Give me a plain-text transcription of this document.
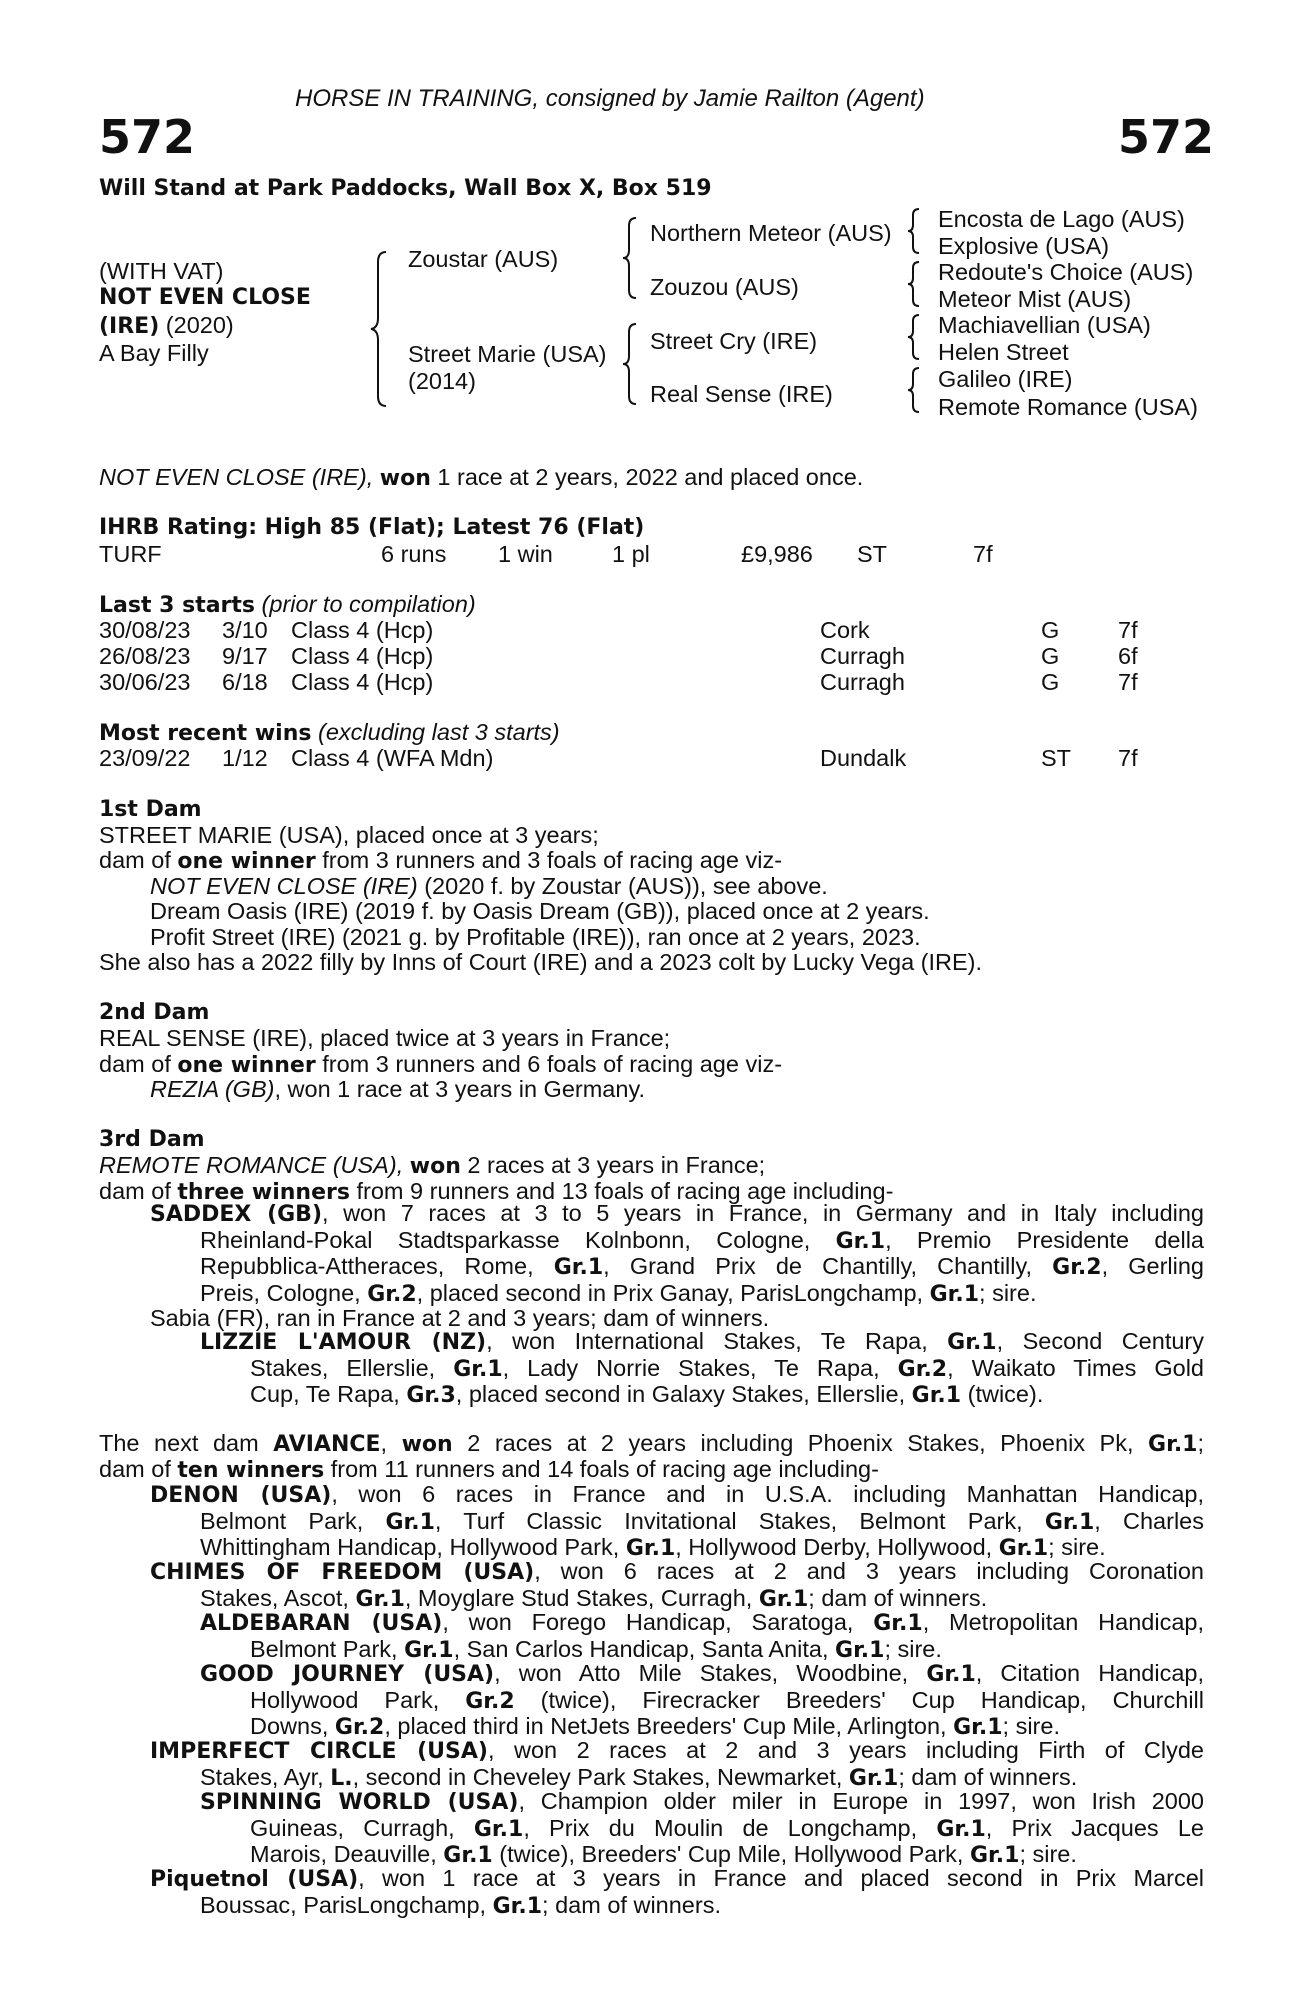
HORSE IN TRAINING, consigned by Jamie Railton (Agent)
572	572
Will Stand at Park Paddocks, Wall Box X, Box 519
(WITH VAT)
NOT EVEN CLOSE
(IRE) (2020)
A Bay Filly
Zoustar (AUS)
Street Marie (USA)
(2014)
Northern Meteor (AUS)
Zouzou (AUS)
Street Cry (IRE)
Real Sense (IRE)
Encosta de Lago (AUS)
Explosive (USA)
Redoute's Choice (AUS)
Meteor Mist (AUS)
Machiavellian (USA)
Helen Street
Galileo (IRE)
Remote Romance (USA)
NOT EVEN CLOSE (IRE), won 1 race at 2 years, 2022 and placed once.
IHRB Rating: High 85 (Flat); Latest 76 (Flat)
TURF	6 runs 1 win	1 pl	£9,986 ST	7f
Last 3 starts (prior to compilation)
30/08/23 3/10 Class 4 (Hcp)	Cork	G 7f
26/08/23 9/17 Class 4 (Hcp)	Curragh	G 6f
30/06/23 6/18 Class 4 (Hcp)	Curragh	G 7f
Most recent wins (excluding last 3 starts)
23/09/22 1/12 Class 4 (WFA Mdn)	Dundalk	ST 7f
1st Dam
STREET MARIE (USA), placed once at 3 years;
dam of one winner from 3 runners and 3 foals of racing age viz-
NOT EVEN CLOSE (IRE) (2020 f. by Zoustar (AUS)), see above.
Dream Oasis (IRE) (2019 f. by Oasis Dream (GB)), placed once at 2 years.
Profit Street (IRE) (2021 g. by Profitable (IRE)), ran once at 2 years, 2023.
She also has a 2022 filly by Inns of Court (IRE) and a 2023 colt by Lucky Vega (IRE).
2nd Dam
REAL SENSE (IRE), placed twice at 3 years in France;
dam of one winner from 3 runners and 6 foals of racing age viz-
REZIA (GB), won 1 race at 3 years in Germany.
3rd Dam
REMOTE ROMANCE (USA), won 2 races at 3 years in France;
dam of three winners from 9 runners and 13 foals of racing age including-
SADDEX (GB), won 7 races at 3 to 5 years in France, in Germany and in Italy including
Rheinland-Pokal Stadtsparkasse Kolnbonn, Cologne, Gr.1, Premio Presidente della
Repubblica-Attheraces, Rome, Gr.1, Grand Prix de Chantilly, Chantilly, Gr.2, Gerling
Preis, Cologne, Gr.2, placed second in Prix Ganay, ParisLongchamp, Gr.1; sire.
Sabia (FR), ran in France at 2 and 3 years; dam of winners.
LIZZIE L'AMOUR (NZ), won International Stakes, Te Rapa, Gr.1, Second Century
Stakes, Ellerslie, Gr.1, Lady Norrie Stakes, Te Rapa, Gr.2, Waikato Times Gold
Cup, Te Rapa, Gr.3, placed second in Galaxy Stakes, Ellerslie, Gr.1 (twice).
The next dam AVIANCE, won 2 races at 2 years including Phoenix Stakes, Phoenix Pk, Gr.1;
dam of ten winners from 11 runners and 14 foals of racing age including-
DENON (USA), won 6 races in France and in U.S.A. including Manhattan Handicap,
Belmont Park, Gr.1, Turf Classic Invitational Stakes, Belmont Park, Gr.1, Charles
Whittingham Handicap, Hollywood Park, Gr.1, Hollywood Derby, Hollywood, Gr.1; sire.
CHIMES OF FREEDOM (USA), won 6 races at 2 and 3 years including Coronation
Stakes, Ascot, Gr.1, Moyglare Stud Stakes, Curragh, Gr.1; dam of winners.
ALDEBARAN (USA), won Forego Handicap, Saratoga, Gr.1, Metropolitan Handicap,
Belmont Park, Gr.1, San Carlos Handicap, Santa Anita, Gr.1; sire.
GOOD JOURNEY (USA), won Atto Mile Stakes, Woodbine, Gr.1, Citation Handicap,
Hollywood Park, Gr.2 (twice), Firecracker Breeders' Cup Handicap, Churchill
Downs, Gr.2, placed third in NetJets Breeders' Cup Mile, Arlington, Gr.1; sire.
IMPERFECT CIRCLE (USA), won 2 races at 2 and 3 years including Firth of Clyde
Stakes, Ayr, L., second in Cheveley Park Stakes, Newmarket, Gr.1; dam of winners.
SPINNING WORLD (USA), Champion older miler in Europe in 1997, won Irish 2000
Guineas, Curragh, Gr.1, Prix du Moulin de Longchamp, Gr.1, Prix Jacques Le
Marois, Deauville, Gr.1 (twice), Breeders' Cup Mile, Hollywood Park, Gr.1; sire.
Piquetnol (USA), won 1 race at 3 years in France and placed second in Prix Marcel
Boussac, ParisLongchamp, Gr.1; dam of winners.
